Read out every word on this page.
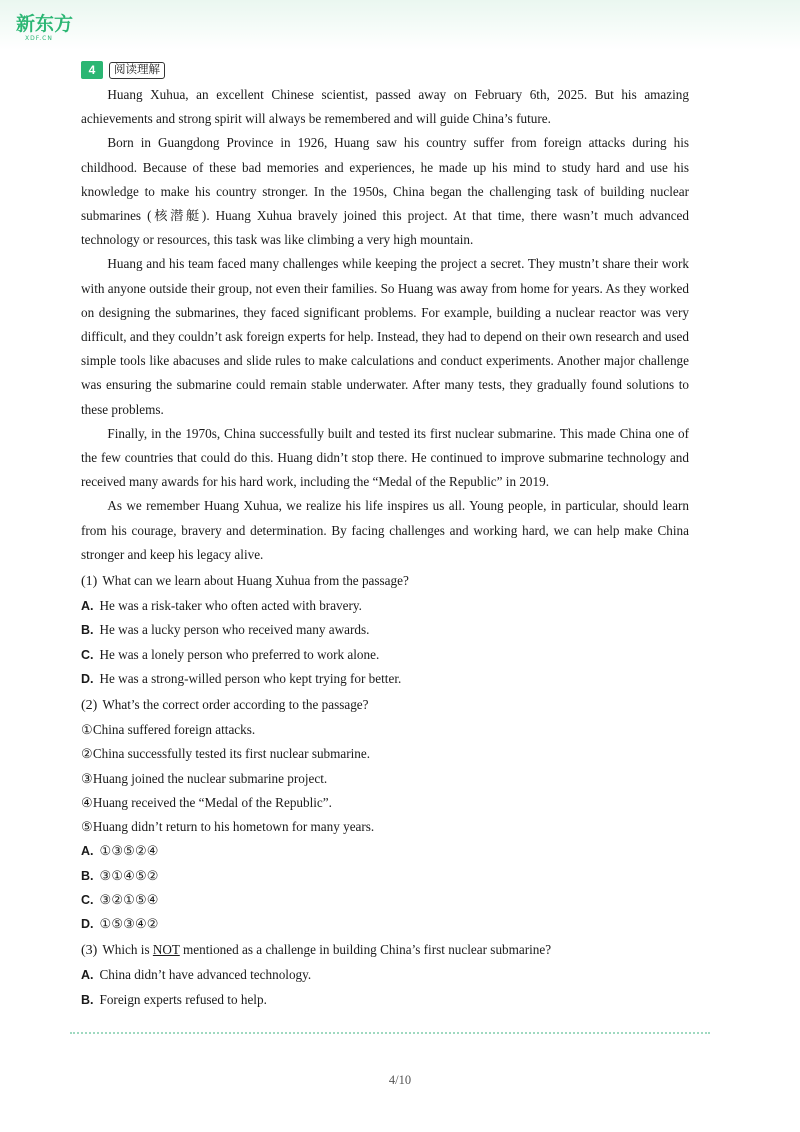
新东方
XDF.CN
4	阅读理解

Huang Xuhua, an excellent Chinese scientist, passed away on February 6th, 2025. But his amazing achievements and strong spirit will always be remembered and will guide China’s future.

Born in Guangdong Province in 1926, Huang saw his country suffer from foreign attacks during his childhood. Because of these bad memories and experiences, he made up his mind to study hard and use his knowledge to make his country stronger. In the 1950s, China began the challenging task of building nuclear submarines (核潜艇). Huang Xuhua bravely joined this project. At that time, there wasn’t much advanced technology or resources, this task was like climbing a very high mountain.

Huang and his team faced many challenges while keeping the project a secret. They mustn’t share their work with anyone outside their group, not even their families. So Huang was away from home for years. As they worked on designing the submarines, they faced significant problems. For example, building a nuclear reactor was very difficult, and they couldn’t ask foreign experts for help. Instead, they had to depend on their own research and used simple tools like abacuses and slide rules to make calculations and conduct experiments. Another major challenge was ensuring the submarine could remain stable underwater. After many tests, they gradually found solutions to these problems.

Finally, in the 1970s, China successfully built and tested its first nuclear submarine. This made China one of the few countries that could do this. Huang didn’t stop there. He continued to improve submarine technology and received many awards for his hard work, including the “Medal of the Republic” in 2019.

As we remember Huang Xuhua, we realize his life inspires us all. Young people, in particular, should learn from his courage, bravery and determination. By facing challenges and working hard, we can help make China stronger and keep his legacy alive.

(1) What can we learn about Huang Xuhua from the passage?
A. He was a risk-taker who often acted with bravery.
B. He was a lucky person who received many awards.
C. He was a lonely person who preferred to work alone.
D. He was a strong-willed person who kept trying for better.
(2) What’s the correct order according to the passage?
①China suffered foreign attacks.
②China successfully tested its first nuclear submarine.
③Huang joined the nuclear submarine project.
④Huang received the “Medal of the Republic”.
⑤Huang didn’t return to his hometown for many years.
A. ①③⑤②④
B. ③①④⑤②
C. ③②①⑤④
D. ①⑤③④②
(3) Which is NOT mentioned as a challenge in building China’s first nuclear submarine?
A. China didn’t have advanced technology.
B. Foreign experts refused to help.
4/10
